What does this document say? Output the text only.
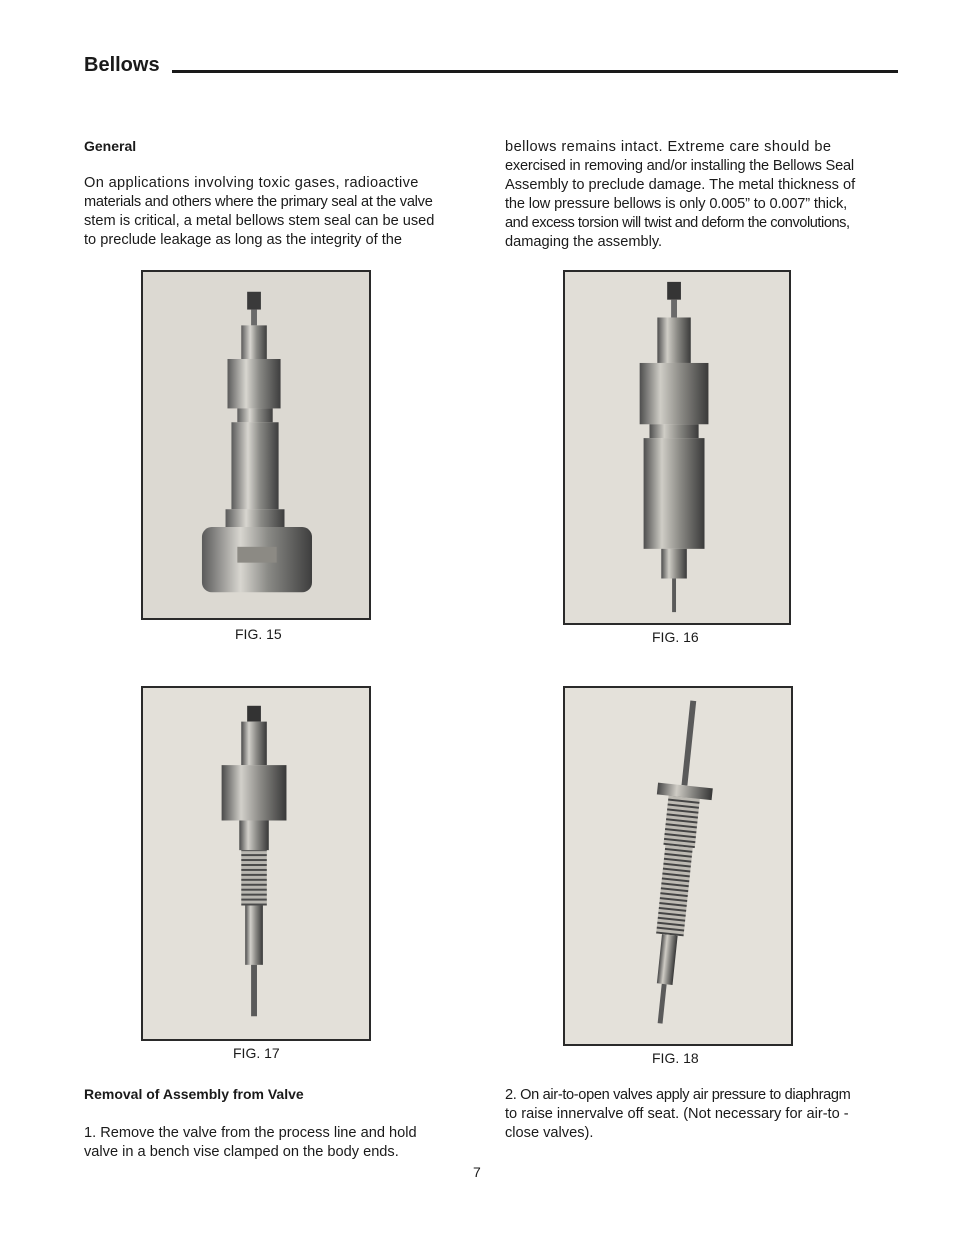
Bellows
General
On applications involving toxic gases, radioactive
materials and others where the primary seal at the valve
stem is critical, a metal bellows stem seal can be used
to preclude leakage as long as the integrity of the
bellows remains intact. Extreme care should be
exercised in removing and/or installing the Bellows Seal
Assembly to preclude damage. The metal thickness of
the low pressure bellows is only 0.005” to 0.007” thick,
and excess torsion will twist and deform the convolutions,
damaging the assembly.
FIG. 15	FIG. 16
FIG. 17	FIG. 18
Removal of Assembly from Valve
1. Remove the valve from the process line and hold
valve in a bench vise clamped on the body ends.
2. On air-to-open valves apply air pressure to diaphragm
to raise innervalve off seat. (Not necessary for air-to -
close valves).
7
